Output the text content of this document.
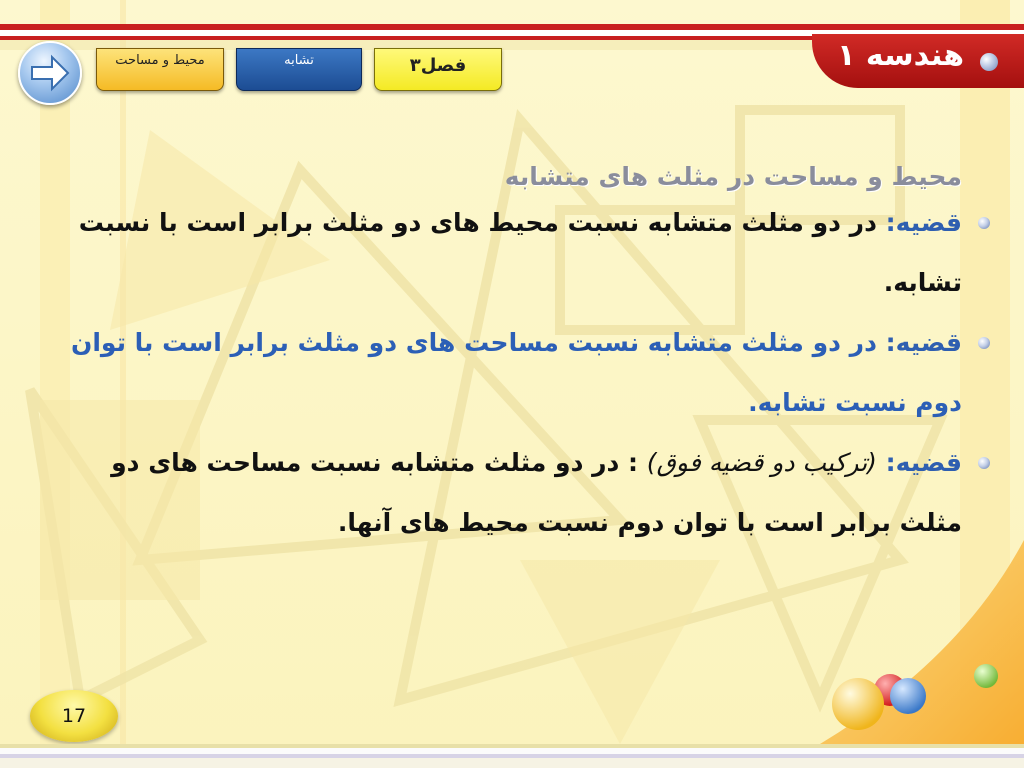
هندسه ۱
محیط و مساحت	تشابه	فصل۳
محیط و مساحت در مثلث های متشابه
قضیه: در دو مثلث متشابه نسبت محیط های دو مثلث برابر است با نسبت تشابه.
قضیه: در دو مثلث متشابه نسبت مساحت های دو مثلث برابر است با توان دوم نسبت تشابه.
قضیه: (ترکیب دو قضیه فوق) : در دو مثلث متشابه نسبت مساحت های دو مثلث برابر است با توان دوم نسبت محیط های آنها.
17
